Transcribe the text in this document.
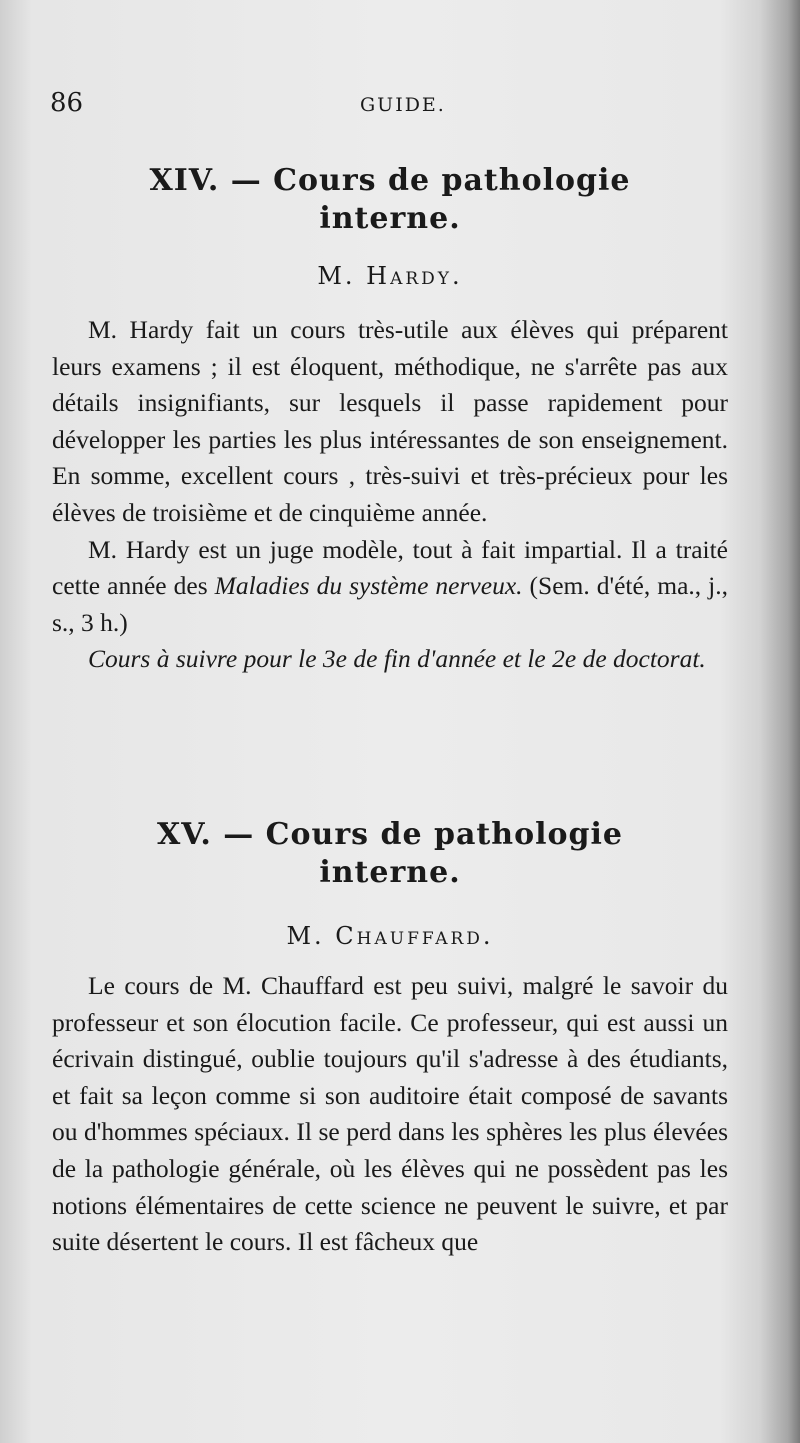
86	GUIDE.
XIV. — Cours de pathologie
interne.
M. Hardy.

M. Hardy fait un cours très-utile aux élèves qui préparent leurs examens ; il est éloquent, méthodique, ne s'arrête pas aux détails insignifiants, sur lesquels il passe rapidement pour développer les parties les plus intéressantes de son enseignement. En somme, excellent cours , très-suivi et très-précieux pour les élèves de troisième et de cinquième année.

M. Hardy est un juge modèle, tout à fait impartial. Il a traité cette année des Maladies du système nerveux. (Sem. d'été, ma., j., s., 3 h.)

Cours à suivre pour le 3e de fin d'année et le 2e de doctorat.

XV. — Cours de pathologie
interne.
M. Chauffard.

Le cours de M. Chauffard est peu suivi, malgré le savoir du professeur et son élocution facile. Ce professeur, qui est aussi un écrivain distingué, oublie toujours qu'il s'adresse à des étudiants, et fait sa leçon comme si son auditoire était composé de savants ou d'hommes spéciaux. Il se perd dans les sphères les plus élevées de la pathologie générale, où les élèves qui ne possèdent pas les notions élémentaires de cette science ne peuvent le suivre, et par suite désertent le cours. Il est fâcheux que
